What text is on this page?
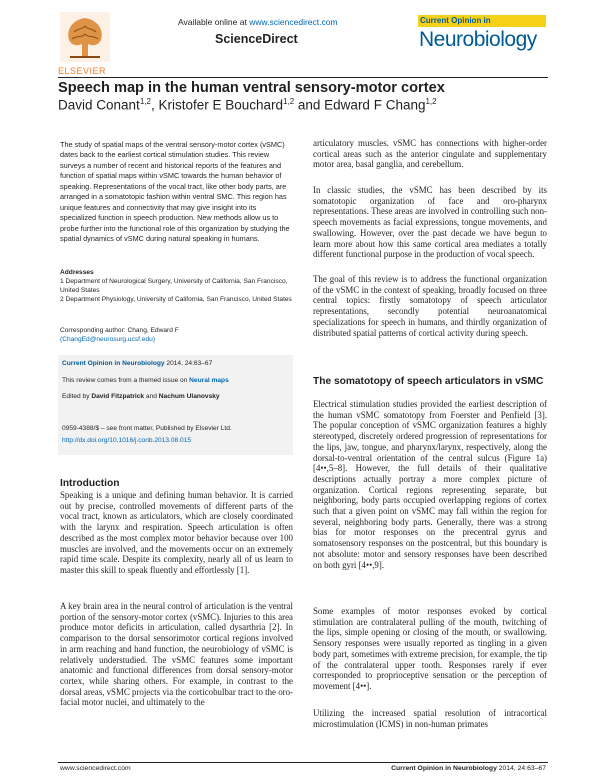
ELSEVIER
Available online at www.sciencedirect.com
ScienceDirect
Current Opinion in
Neurobiology
Speech map in the human ventral sensory-motor cortex
David Conant$^{1,2}$, Kristofer E Bouchard$^{1,2}$ and Edward F Chang$^{1,2}$
The study of spatial maps of the ventral sensory-motor cortex (vSMC) dates back to the earliest cortical stimulation studies. This review surveys a number of recent and historical reports of the features and function of spatial maps within vSMC towards the human behavior of speaking. Representations of the vocal tract, like other body parts, are arranged in a somatotopic fashion within ventral SMC. This region has unique features and connectivity that may give insight into its specialized function in speech production. New methods allow us to probe further into the functional role of this organization by studying the spatial dynamics of vSMC during natural speaking in humans.
Addresses
1 Department of Neurological Surgery, University of California, San Francisco, United States
2 Department Physiology, University of California, San Francisco, United States
Corresponding author: Chang, Edward F
(ChangEd@neurosurg.ucsf.edu)
Current Opinion in Neurobiology 2014, 24:63–67
This review comes from a themed issue on Neural maps
Edited by David Fitzpatrick and Nachum Ulanovsky
0959-4388/$ – see front matter, Published by Elsevier Ltd.
http://dx.doi.org/10.1016/j.conb.2013.08.015
Introduction
Speaking is a unique and defining human behavior. It is carried out by precise, controlled movements of different parts of the vocal tract, known as articulators, which are closely coordinated with the larynx and respiration. Speech articulation is often described as the most complex motor behavior because over 100 muscles are involved, and the movements occur on an extremely rapid time scale. Despite its complexity, nearly all of us learn to master this skill to speak fluently and effortlessly [1].
A key brain area in the neural control of articulation is the ventral portion of the sensory-motor cortex (vSMC). Injuries to this area produce motor deficits in articulation, called dysarthria [2]. In comparison to the dorsal sensorimotor cortical regions involved in arm reaching and hand function, the neurobiology of vSMC is relatively understudied. The vSMC features some important anatomic and functional differences from dorsal sensory-motor cortex, while sharing others. For example, in contrast to the dorsal areas, vSMC projects via the corticobulbar tract to the oro-facial motor nuclei, and ultimately to the
articulatory muscles. vSMC has connections with higher-order cortical areas such as the anterior cingulate and supplementary motor area, basal ganglia, and cerebellum.
In classic studies, the vSMC has been described by its somatotopic organization of face and oro-pharynx representations. These areas are involved in controlling such non-speech movements as facial expressions, tongue movements, and swallowing. However, over the past decade we have begun to learn more about how this same cortical area mediates a totally different functional purpose in the production of vocal speech.
The goal of this review is to address the functional organization of the vSMC in the context of speaking, broadly focused on three central topics: firstly somatotopy of speech articulator representations, secondly potential neuroanatomical specializations for speech in humans, and thirdly organization of distributed spatial patterns of cortical activity during speech.
The somatotopy of speech articulators in vSMC
Electrical stimulation studies provided the earliest description of the human vSMC somatotopy from Foerster and Penfield [3]. The popular conception of vSMC organization features a highly stereotyped, discretely ordered progression of representations for the lips, jaw, tongue, and pharynx/larynx, respectively, along the dorsal-to-ventral orientation of the central sulcus (Figure 1a) [4••,5–8]. However, the full details of their qualitative descriptions actually portray a more complex picture of organization. Cortical regions representing separate, but neighboring, body parts occupied overlapping regions of cortex such that a given point on vSMC may fall within the region for several, neighboring body parts. Generally, there was a strong bias for motor responses on the precentral gyrus and somatosensory responses on the postcentral, but this boundary is not absolute: motor and sensory responses have been described on both gyri [4••,9].
Some examples of motor responses evoked by cortical stimulation are contralateral pulling of the mouth, twitching of the lips, simple opening or closing of the mouth, or swallowing. Sensory responses were usually reported as tingling in a given body part, sometimes with extreme precision, for example, the tip of the contralateral upper tooth. Responses rarely if ever corresponded to proprioceptive sensation or the perception of movement [4••].
Utilizing the increased spatial resolution of intracortical microstimulation (ICMS) in non-human primates
www.sciencedirect.com	Current Opinion in Neurobiology 2014, 24:63–67
